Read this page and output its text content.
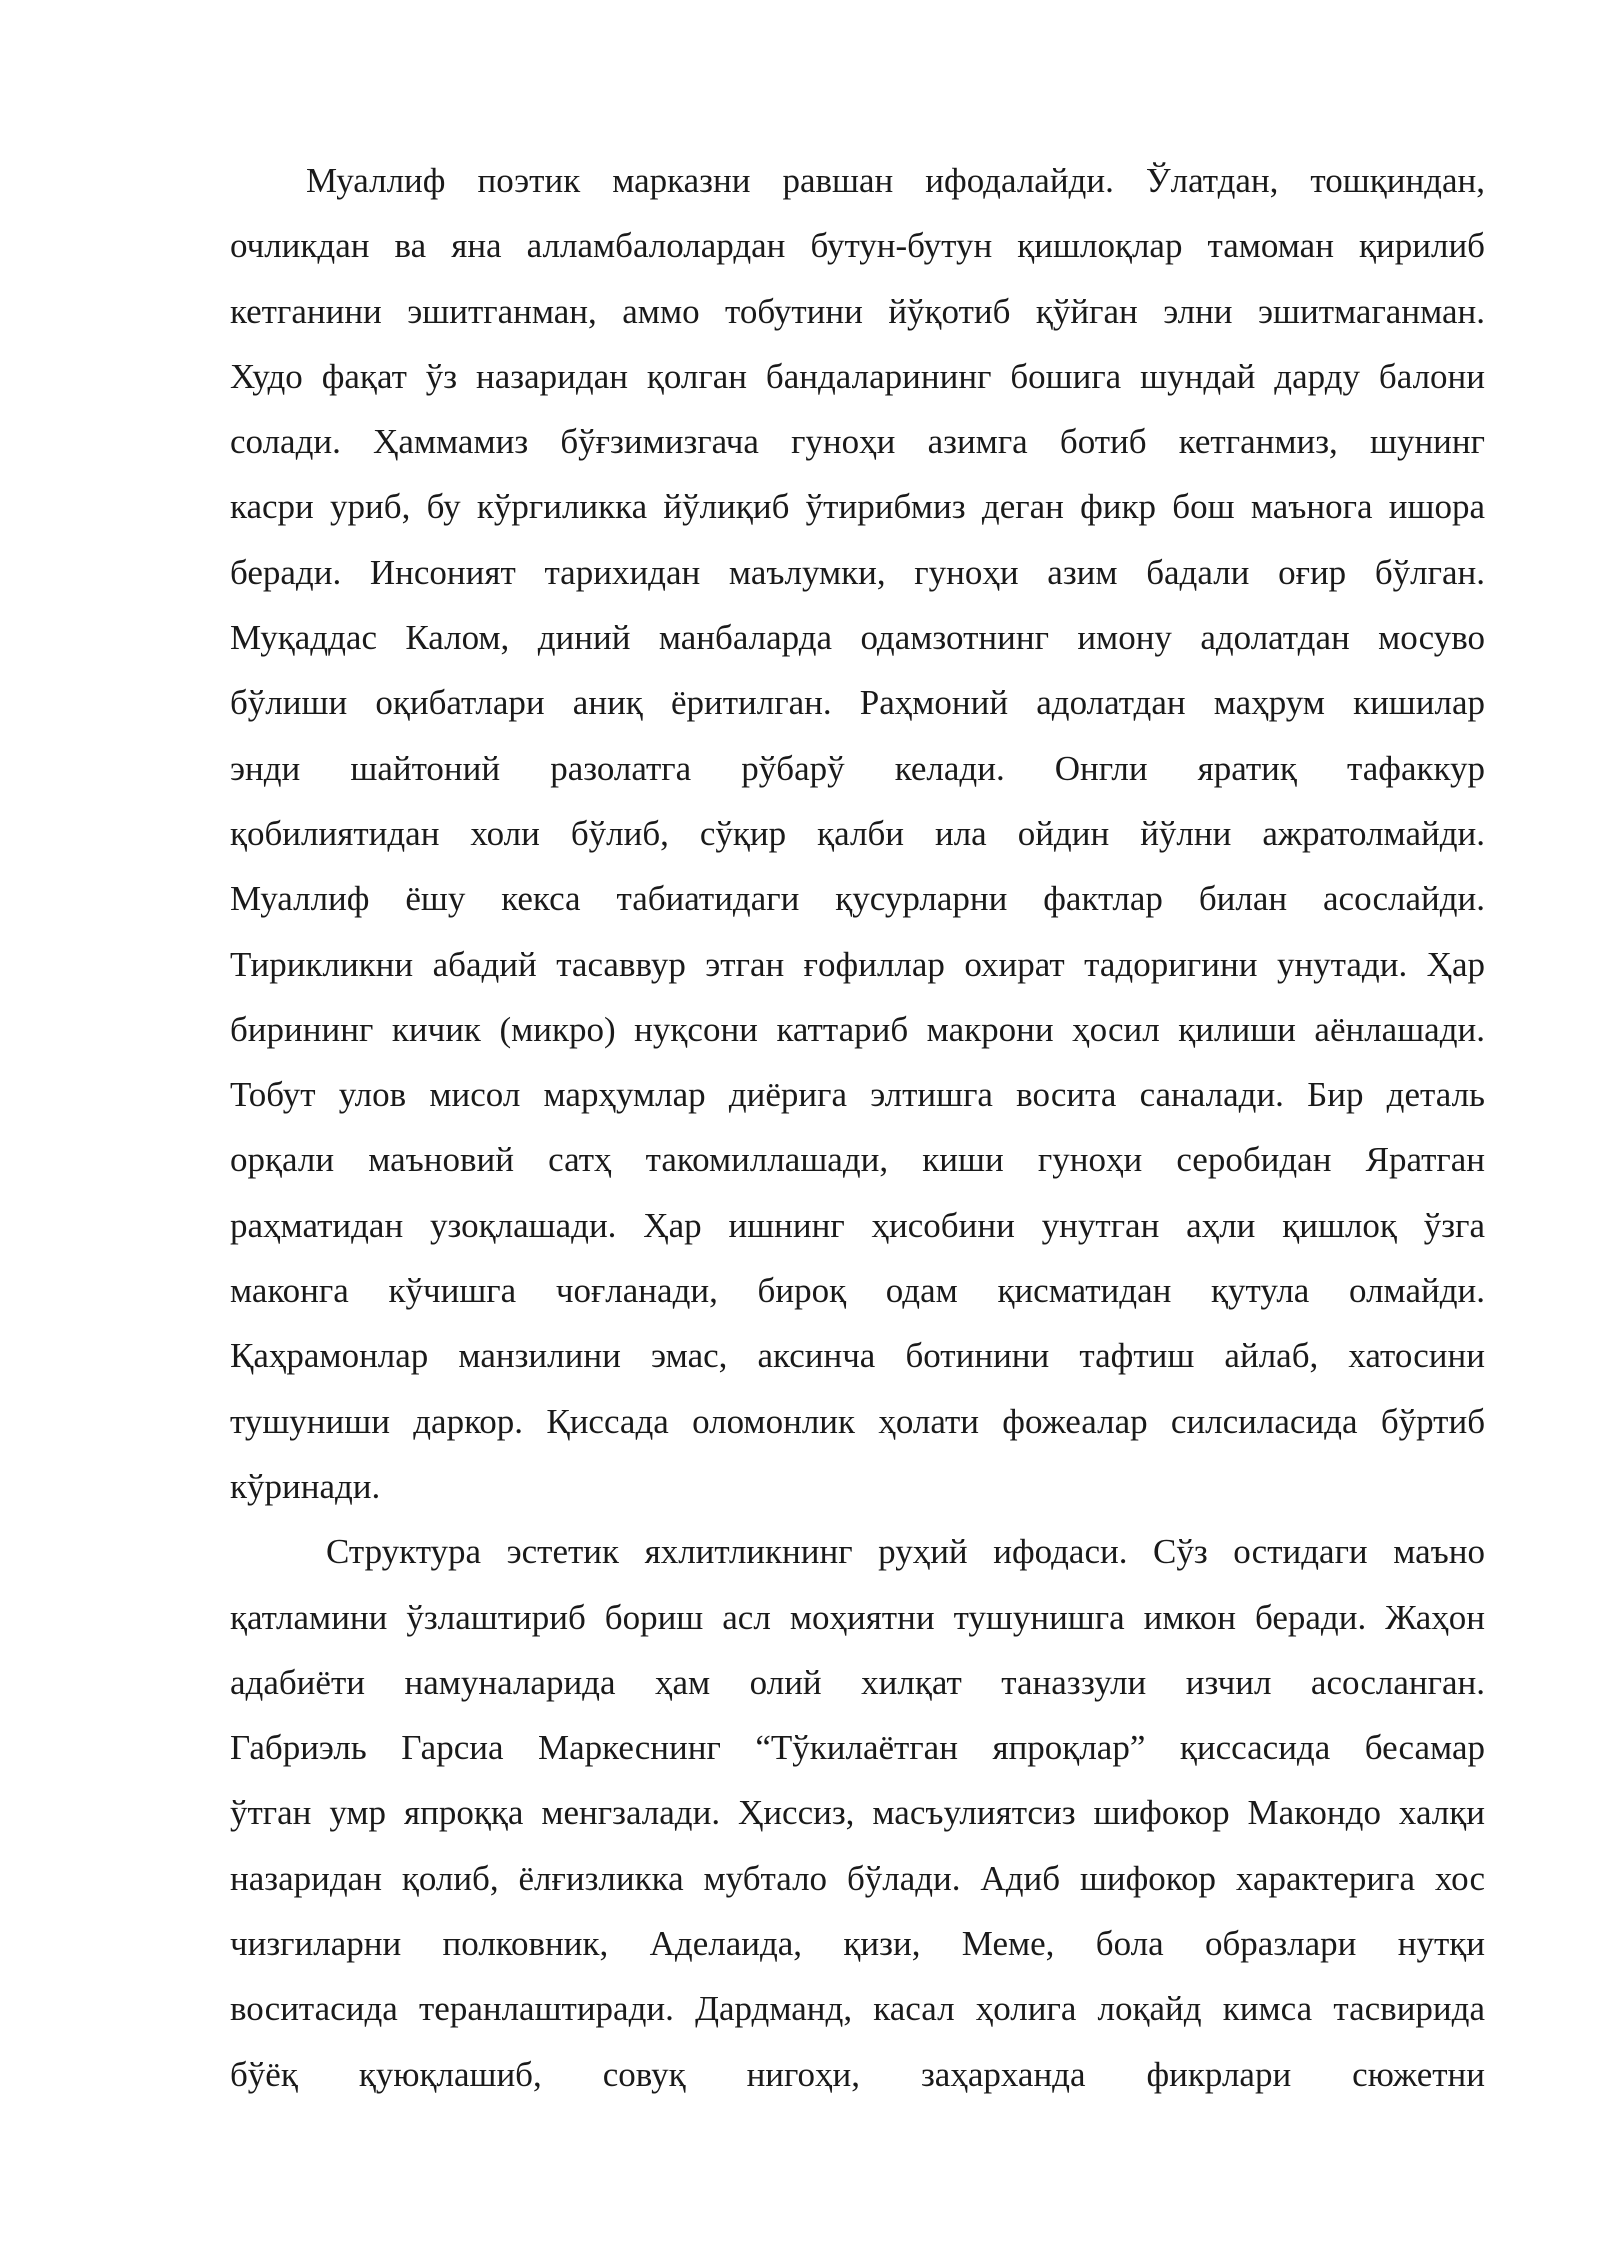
Муаллиф поэтик марказни равшан ифодалайди. Ўлатдан, тошқиндан,
очликдан ва яна алламбалолардан бутун-бутун қишлоқлар тамоман қирилиб
кетганини эшитганман, аммо тобутини йўқотиб қўйган элни эшитмаганман.
Худо фақат ўз назаридан қолган бандаларининг бошига шундай дарду балони
солади. Ҳаммамиз бўғзимизгача гуноҳи азимга ботиб кетганмиз, шунинг
касри уриб, бу кўргиликка йўлиқиб ўтирибмиз деган фикр бош маънога ишора
беради. Инсоният тарихидан маълумки, гуноҳи азим бадали оғир бўлган.
Муқаддас Калом, диний манбаларда одамзотнинг имону адолатдан мосуво
бўлиши оқибатлари аниқ ёритилган. Раҳмоний адолатдан маҳрум кишилар
энди шайтоний разолатга рўбарў келади. Онгли яратиқ тафаккур
қобилиятидан холи бўлиб, сўқир қалби ила ойдин йўлни ажратолмайди.
Муаллиф ёшу кекса табиатидаги қусурларни фактлар билан асослайди.
Тирикликни абадий тасаввур этган ғофиллар охират тадоригини унутади. Ҳар
бирининг кичик (микро) нуқсони каттариб макрони ҳосил қилиши аёнлашади.
Тобут улов мисол марҳумлар диёрига элтишга восита саналади. Бир деталь
орқали маъновий сатҳ такомиллашади, киши гуноҳи серобидан Яратган
раҳматидан узоқлашади. Ҳар ишнинг ҳисобини унутган аҳли қишлоқ ўзга
маконга кўчишга чоғланади, бироқ одам қисматидан қутула олмайди.
Қаҳрамонлар манзилини эмас, аксинча ботинини тафтиш айлаб, хатосини
тушуниши даркор. Қиссада оломонлик ҳолати фожеалар силсиласида бўртиб
кўринади.
Структура эстетик яхлитликнинг руҳий ифодаси. Сўз остидаги маъно
қатламини ўзлаштириб бориш асл моҳиятни тушунишга имкон беради. Жаҳон
адабиёти намуналарида ҳам олий хилқат таназзули изчил асосланган.
Габриэль Гарсиа Маркеснинг “Тўкилаётган япроқлар” қиссасида бесамар
ўтган умр япроққа менгзалади. Ҳиссиз, масъулиятсиз шифокор Макондо халқи
назаридан қолиб, ёлғизликка мубтало бўлади. Адиб шифокор характерига хос
чизгиларни полковник, Аделаида, қизи, Меме, бола образлари нутқи
воситасида теранлаштиради. Дардманд, касал ҳолига лоқайд кимса тасвирида
бўёқ қуюқлашиб, совуқ нигоҳи, заҳарханда фикрлари сюжетни
